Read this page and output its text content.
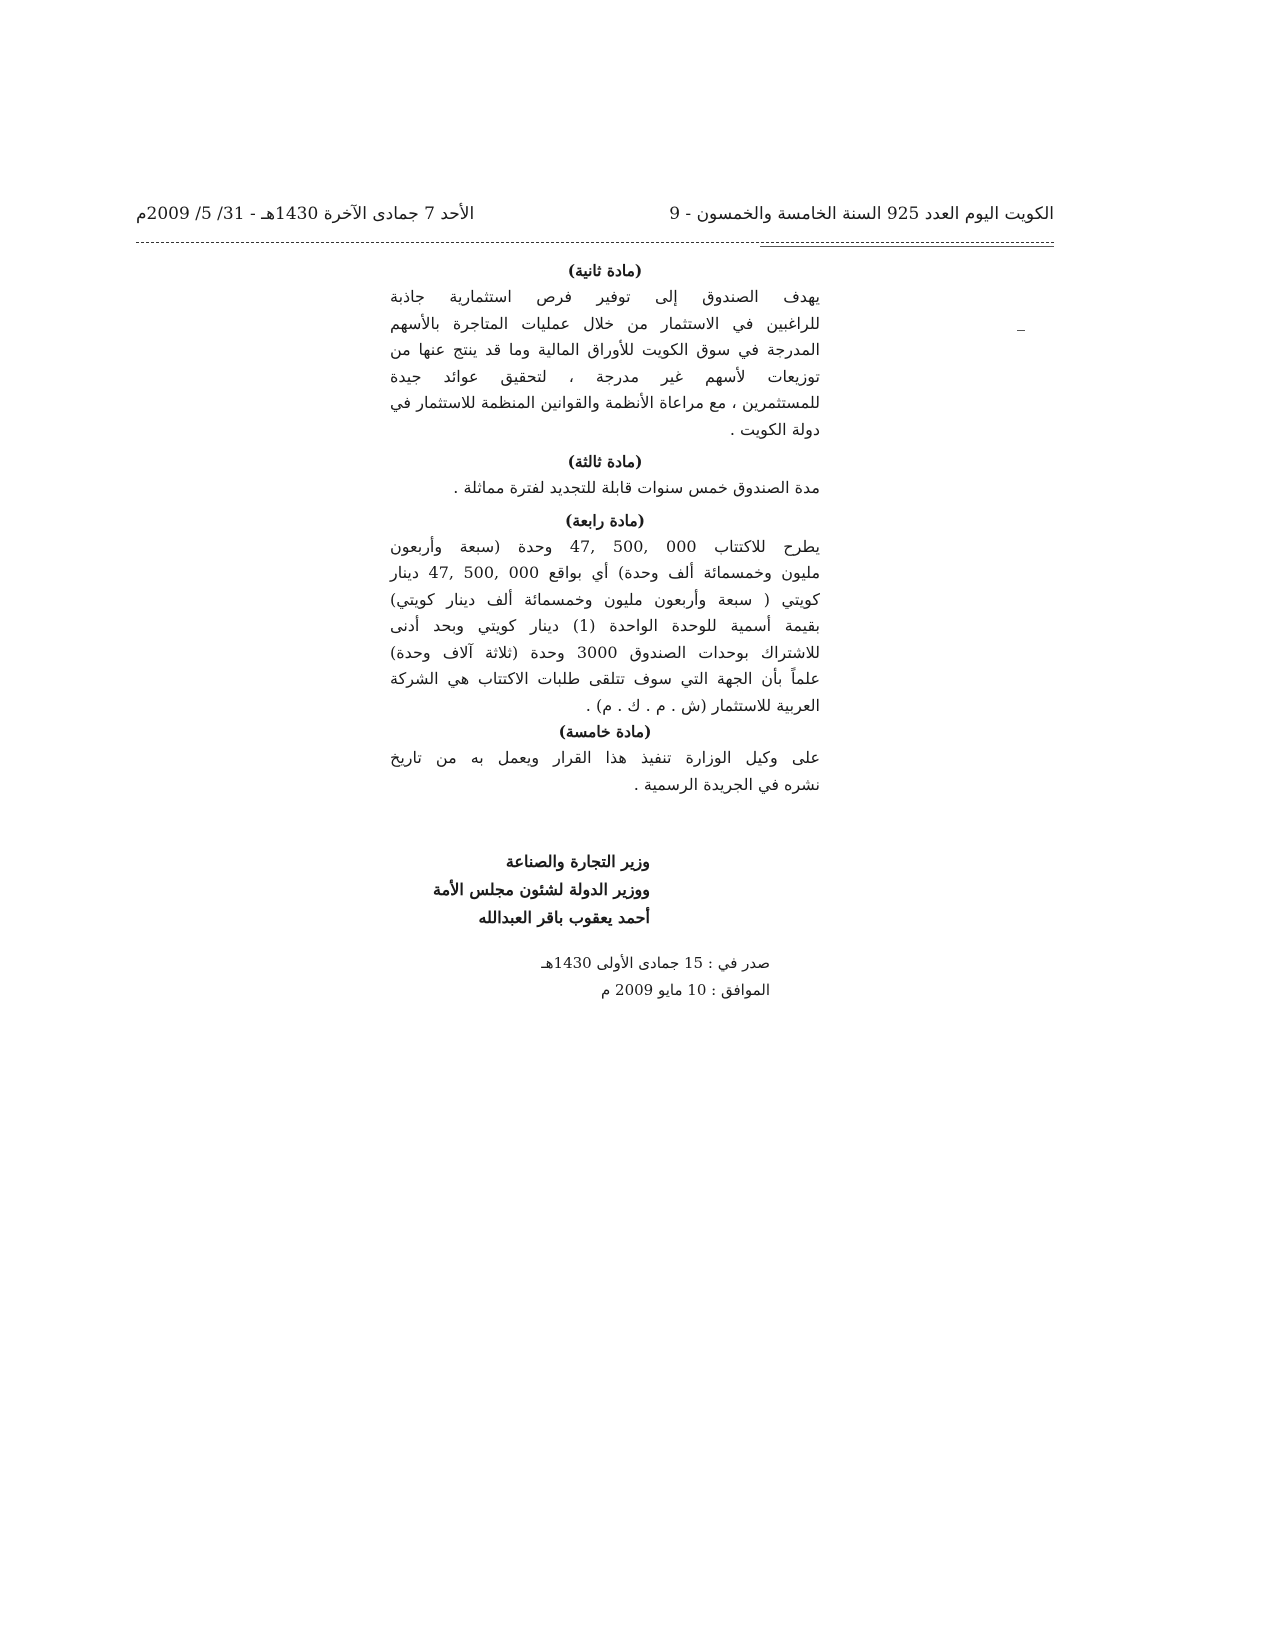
الكويت اليوم العدد 925 السنة الخامسة والخمسون - 9
الأحد 7 جمادى الآخرة 1430هـ - 31/ 5/ 2009م
(مادة ثانية)
يهدف الصندوق إلى توفير فرص استثمارية جاذبة
للراغبين في الاستثمار من خلال عمليات المتاجرة بالأسهم
المدرجة في سوق الكويت للأوراق المالية وما قد ينتج عنها من
توزيعات لأسهم غير مدرجة ، لتحقيق عوائد جيدة
للمستثمرين ، مع مراعاة الأنظمة والقوانين المنظمة للاستثمار في
دولة الكويت .
(مادة ثالثة)
مدة الصندوق خمس سنوات قابلة للتجديد لفترة مماثلة .
(مادة رابعة)
يطرح للاكتتاب 000 ,500 ,47 وحدة (سبعة وأربعون
مليون وخمسمائة ألف وحدة) أي بواقع 000 ,500 ,47 دينار
كويتي ( سبعة وأربعون مليون وخمسمائة ألف دينار كويتي)
بقيمة أسمية للوحدة الواحدة (1) دينار كويتي وبحد أدنى
للاشتراك بوحدات الصندوق 3000 وحدة (ثلاثة آلاف وحدة)
علماً بأن الجهة التي سوف تتلقى طلبات الاكتتاب هي الشركة
العربية للاستثمار (ش . م . ك . م) .
(مادة خامسة)
على وكيل الوزارة تنفيذ هذا القرار ويعمل به من تاريخ
نشره في الجريدة الرسمية .
وزير التجارة والصناعة
ووزير الدولة لشئون مجلس الأمة
أحمد يعقوب باقر العبدالله
صدر في : 15 جمادى الأولى 1430هـ
الموافق : 10 مايو 2009 م
